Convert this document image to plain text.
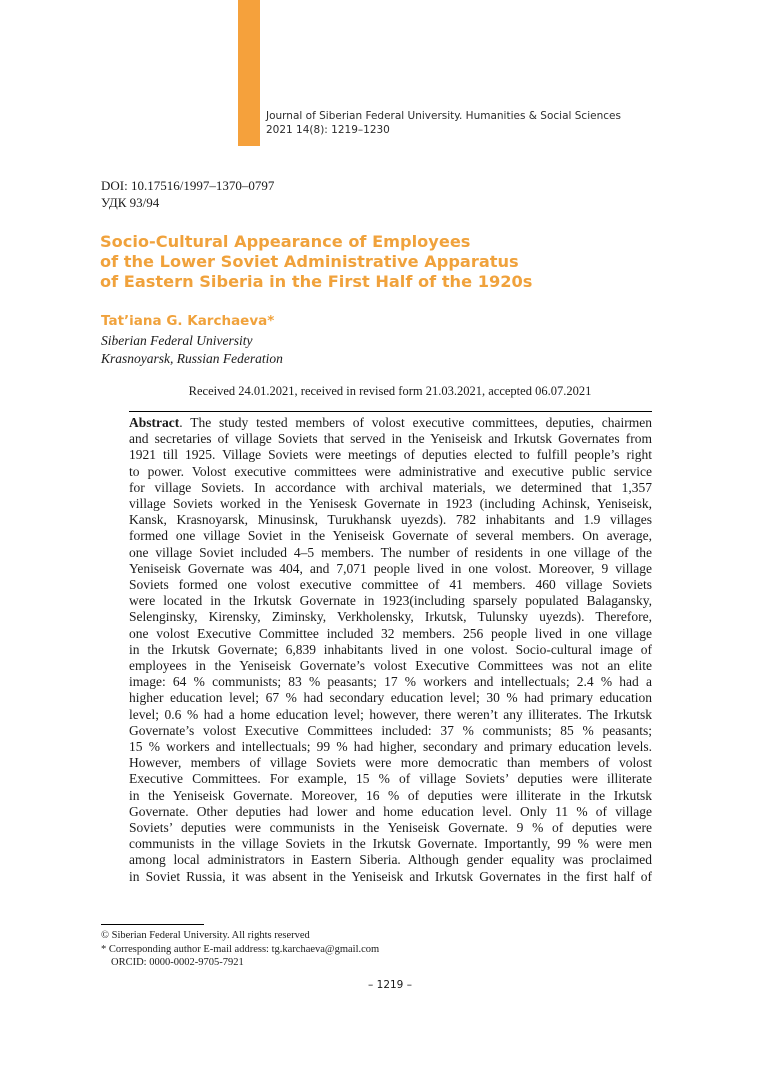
Journal of Siberian Federal University. Humanities & Social Sciences
2021 14(8): 1219–1230
DOI: 10.17516/1997–1370–0797
УДК 93/94
Socio-Cultural Appearance of Employees
of the Lower Soviet Administrative Apparatus
of Eastern Siberia in the First Half of the 1920s
Tat’iana G. Karchaeva*
Siberian Federal University
Krasnoyarsk, Russian Federation
Received 24.01.2021, received in revised form 21.03.2021, accepted 06.07.2021
Abstract. The study tested members of volost executive committees, deputies, chairmen
and secretaries of village Soviets that served in the Yeniseisk and Irkutsk Governates from
1921 till 1925. Village Soviets were meetings of deputies elected to fulfill people’s right
to power. Volost executive committees were administrative and executive public service
for village Soviets. In accordance with archival materials, we determined that 1,357
village Soviets worked in the Yenisesk Governate in 1923 (including Achinsk, Yeniseisk,
Kansk, Krasnoyarsk, Minusinsk, Turukhansk uyezds). 782 inhabitants and 1.9 villages
formed one village Soviet in the Yeniseisk Governate of several members. On average,
one village Soviet included 4–5 members. The number of residents in one village of the
Yeniseisk Governate was 404, and 7,071 people lived in one volost. Moreover, 9 village
Soviets formed one volost executive committee of 41 members. 460 village Soviets
were located in the Irkutsk Governate in 1923(including sparsely populated Balagansky,
Selenginsky, Kirensky, Ziminsky, Verkholensky, Irkutsk, Tulunsky uyezds). Therefore,
one volost Executive Committee included 32 members. 256 people lived in one village
in the Irkutsk Governate; 6,839 inhabitants lived in one volost. Socio-cultural image of
employees in the Yeniseisk Governate’s volost Executive Committees was not an elite
image: 64 % communists; 83 % peasants; 17 % workers and intellectuals; 2.4 % had a
higher education level; 67 % had secondary education level; 30 % had primary education
level; 0.6 % had a home education level; however, there weren’t any illiterates. The Irkutsk
Governate’s volost Executive Committees included: 37 % communists; 85 % peasants;
15 % workers and intellectuals; 99 % had higher, secondary and primary education levels.
However, members of village Soviets were more democratic than members of volost
Executive Committees. For example, 15 % of village Soviets’ deputies were illiterate
in the Yeniseisk Governate. Moreover, 16 % of deputies were illiterate in the Irkutsk
Governate. Other deputies had lower and home education level. Only 11 % of village
Soviets’ deputies were communists in the Yeniseisk Governate. 9 % of deputies were
communists in the village Soviets in the Irkutsk Governate. Importantly, 99 % were men
among local administrators in Eastern Siberia. Although gender equality was proclaimed
in Soviet Russia, it was absent in the Yeniseisk and Irkutsk Governates in the first half of
© Siberian Federal University. All rights reserved
* Corresponding author E-mail address: tg.karchaeva@gmail.com
ORCID: 0000-0002-9705-7921
– 1219 –
